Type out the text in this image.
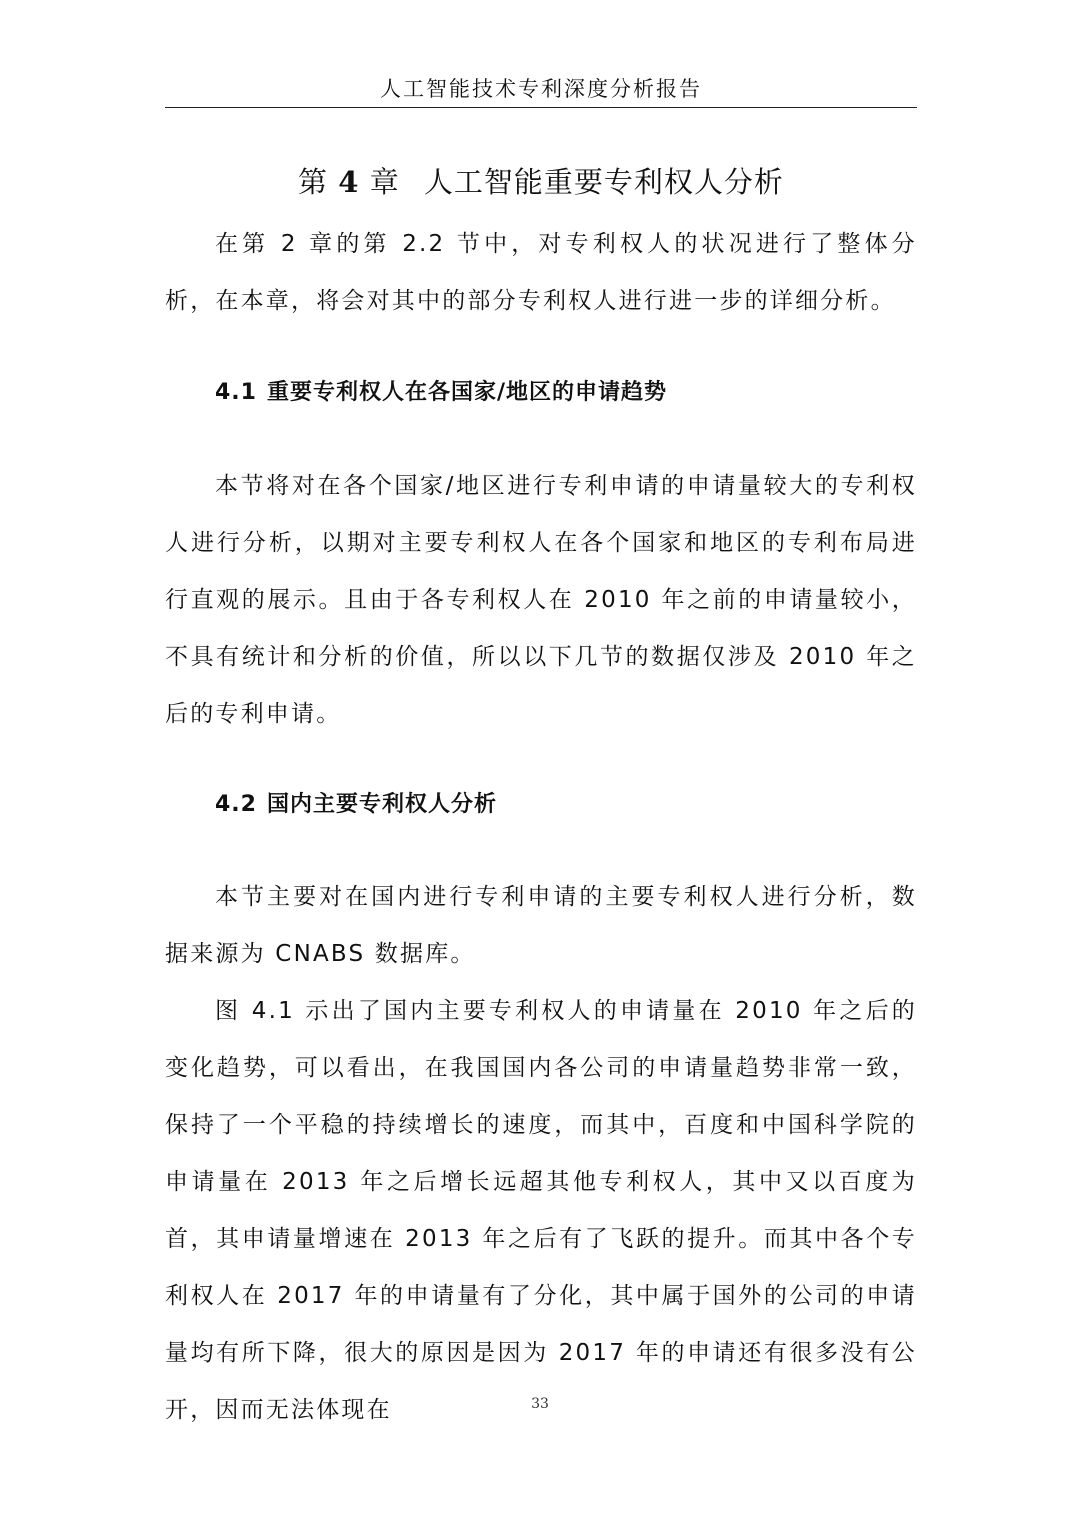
人工智能技术专利深度分析报告
第 4 章 人工智能重要专利权人分析

在第 2 章的第 2.2 节中，对专利权人的状况进行了整体分析，在本章，将会对其中的部分专利权人进行进一步的详细分析。

4.1 重要专利权人在各国家/地区的申请趋势

本节将对在各个国家/地区进行专利申请的申请量较大的专利权人进行分析，以期对主要专利权人在各个国家和地区的专利布局进行直观的展示。且由于各专利权人在 2010 年之前的申请量较小，不具有统计和分析的价值，所以以下几节的数据仅涉及 2010 年之后的专利申请。

4.2 国内主要专利权人分析

本节主要对在国内进行专利申请的主要专利权人进行分析，数据来源为 CNABS 数据库。

图 4.1 示出了国内主要专利权人的申请量在 2010 年之后的变化趋势，可以看出，在我国国内各公司的申请量趋势非常一致，保持了一个平稳的持续增长的速度，而其中，百度和中国科学院的申请量在 2013 年之后增长远超其他专利权人，其中又以百度为首，其申请量增速在 2013 年之后有了飞跃的提升。而其中各个专利权人在 2017 年的申请量有了分化，其中属于国外的公司的申请量均有所下降，很大的原因是因为 2017 年的申请还有很多没有公开，因而无法体现在	33
